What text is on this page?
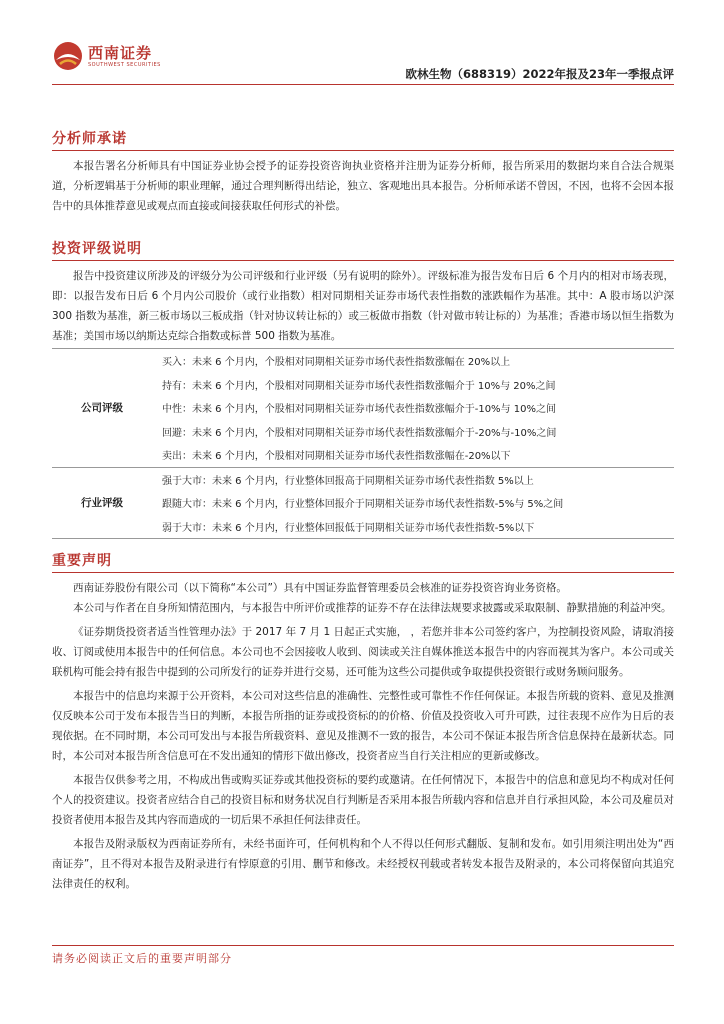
西南证券
SOUTHWEST SECURITIES
欧林生物（688319）2022年报及23年一季报点评
分析师承诺

本报告署名分析师具有中国证券业协会授予的证券投资咨询执业资格并注册为证券分析师，报告所采用的数据均来自合法合规渠道，分析逻辑基于分析师的职业理解，通过合理判断得出结论，独立、客观地出具本报告。分析师承诺不曾因，不因，也将不会因本报告中的具体推荐意见或观点而直接或间接获取任何形式的补偿。

投资评级说明

报告中投资建议所涉及的评级分为公司评级和行业评级（另有说明的除外）。评级标准为报告发布日后 6 个月内的相对市场表现，即：以报告发布日后 6 个月内公司股价（或行业指数）相对同期相关证券市场代表性指数的涨跌幅作为基准。其中：A 股市场以沪深 300 指数为基准，新三板市场以三板成指（针对协议转让标的）或三板做市指数（针对做市转让标的）为基准；香港市场以恒生指数为基准；美国市场以纳斯达克综合指数或标普 500 指数为基准。

公司评级	买入：未来 6 个月内，个股相对同期相关证券市场代表性指数涨幅在 20%以上
	持有：未来 6 个月内，个股相对同期相关证券市场代表性指数涨幅介于 10%与 20%之间
	中性：未来 6 个月内，个股相对同期相关证券市场代表性指数涨幅介于-10%与 10%之间
	回避：未来 6 个月内，个股相对同期相关证券市场代表性指数涨幅介于-20%与-10%之间
	卖出：未来 6 个月内，个股相对同期相关证券市场代表性指数涨幅在-20%以下
行业评级	强于大市：未来 6 个月内，行业整体回报高于同期相关证券市场代表性指数 5%以上
	跟随大市：未来 6 个月内，行业整体回报介于同期相关证券市场代表性指数-5%与 5%之间
	弱于大市：未来 6 个月内，行业整体回报低于同期相关证券市场代表性指数-5%以下
重要声明

西南证券股份有限公司（以下简称“本公司”）具有中国证券监督管理委员会核准的证券投资咨询业务资格。

本公司与作者在自身所知情范围内，与本报告中所评价或推荐的证券不存在法律法规要求披露或采取限制、静默措施的利益冲突。

《证券期货投资者适当性管理办法》于 2017 年 7 月 1 日起正式实施， ，若您并非本公司签约客户，为控制投资风险，请取消接收、订阅或使用本报告中的任何信息。本公司也不会因接收人收到、阅读或关注自媒体推送本报告中的内容而视其为客户。本公司或关联机构可能会持有报告中提到的公司所发行的证券并进行交易，还可能为这些公司提供或争取提供投资银行或财务顾问服务。

本报告中的信息均来源于公开资料，本公司对这些信息的准确性、完整性或可靠性不作任何保证。本报告所载的资料、意见及推测仅反映本公司于发布本报告当日的判断，本报告所指的证券或投资标的的价格、价值及投资收入可升可跌，过往表现不应作为日后的表现依据。在不同时期，本公司可发出与本报告所载资料、意见及推测不一致的报告，本公司不保证本报告所含信息保持在最新状态。同时，本公司对本报告所含信息可在不发出通知的情形下做出修改，投资者应当自行关注相应的更新或修改。

本报告仅供参考之用，不构成出售或购买证券或其他投资标的要约或邀请。在任何情况下，本报告中的信息和意见均不构成对任何个人的投资建议。投资者应结合自己的投资目标和财务状况自行判断是否采用本报告所载内容和信息并自行承担风险，本公司及雇员对投资者使用本报告及其内容而造成的一切后果不承担任何法律责任。

本报告及附录版权为西南证券所有，未经书面许可，任何机构和个人不得以任何形式翻版、复制和发布。如引用须注明出处为“西南证券”，且不得对本报告及附录进行有悖原意的引用、删节和修改。未经授权刊载或者转发本报告及附录的，本公司将保留向其追究法律责任的权利。

请务必阅读正文后的重要声明部分
